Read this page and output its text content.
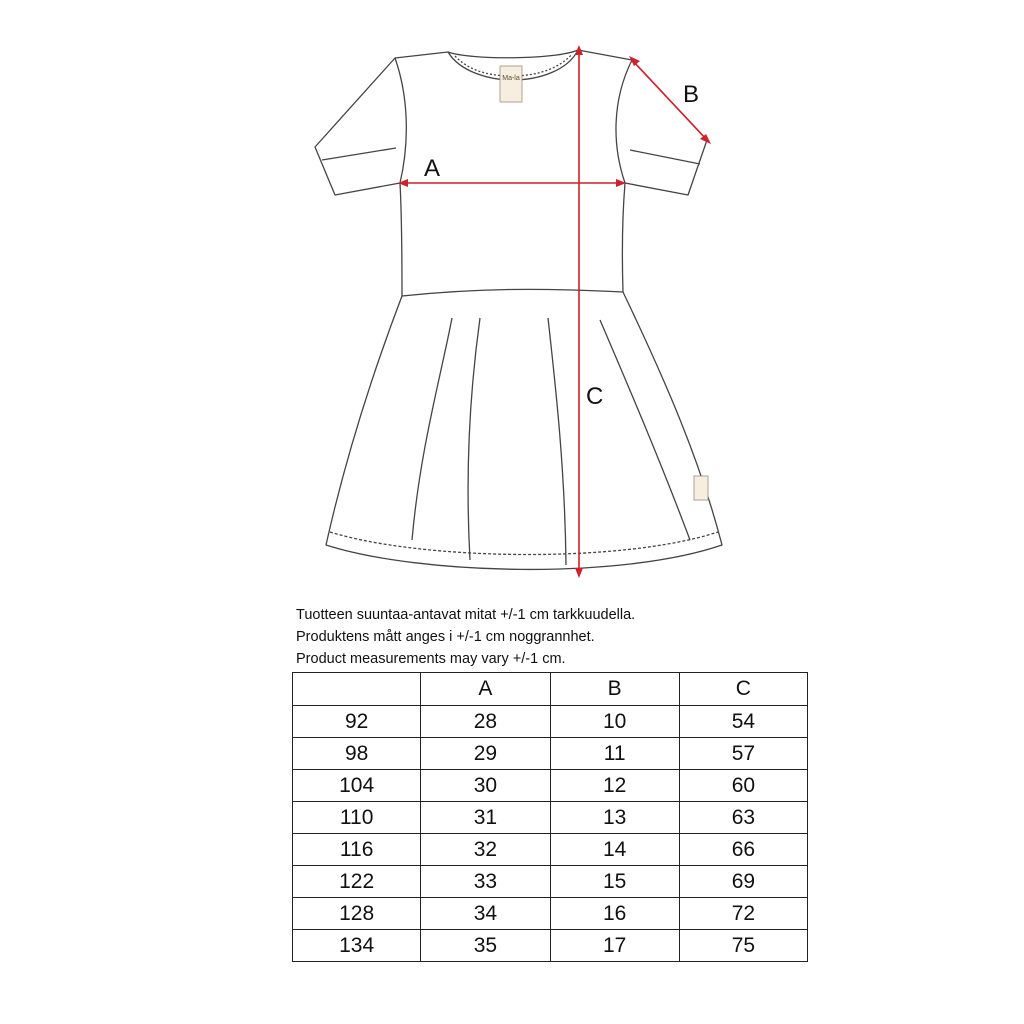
Ma-la
A
B
C
Tuotteen suuntaa-antavat mitat +/-1 cm tarkkuudella.
Produktens mått anges i +/-1 cm noggrannhet.
Product measurements may vary +/-1 cm.
	A	B	C
92	28	10	54
98	29	11	57
104	30	12	60
110	31	13	63
116	32	14	66
122	33	15	69
128	34	16	72
134	35	17	75
